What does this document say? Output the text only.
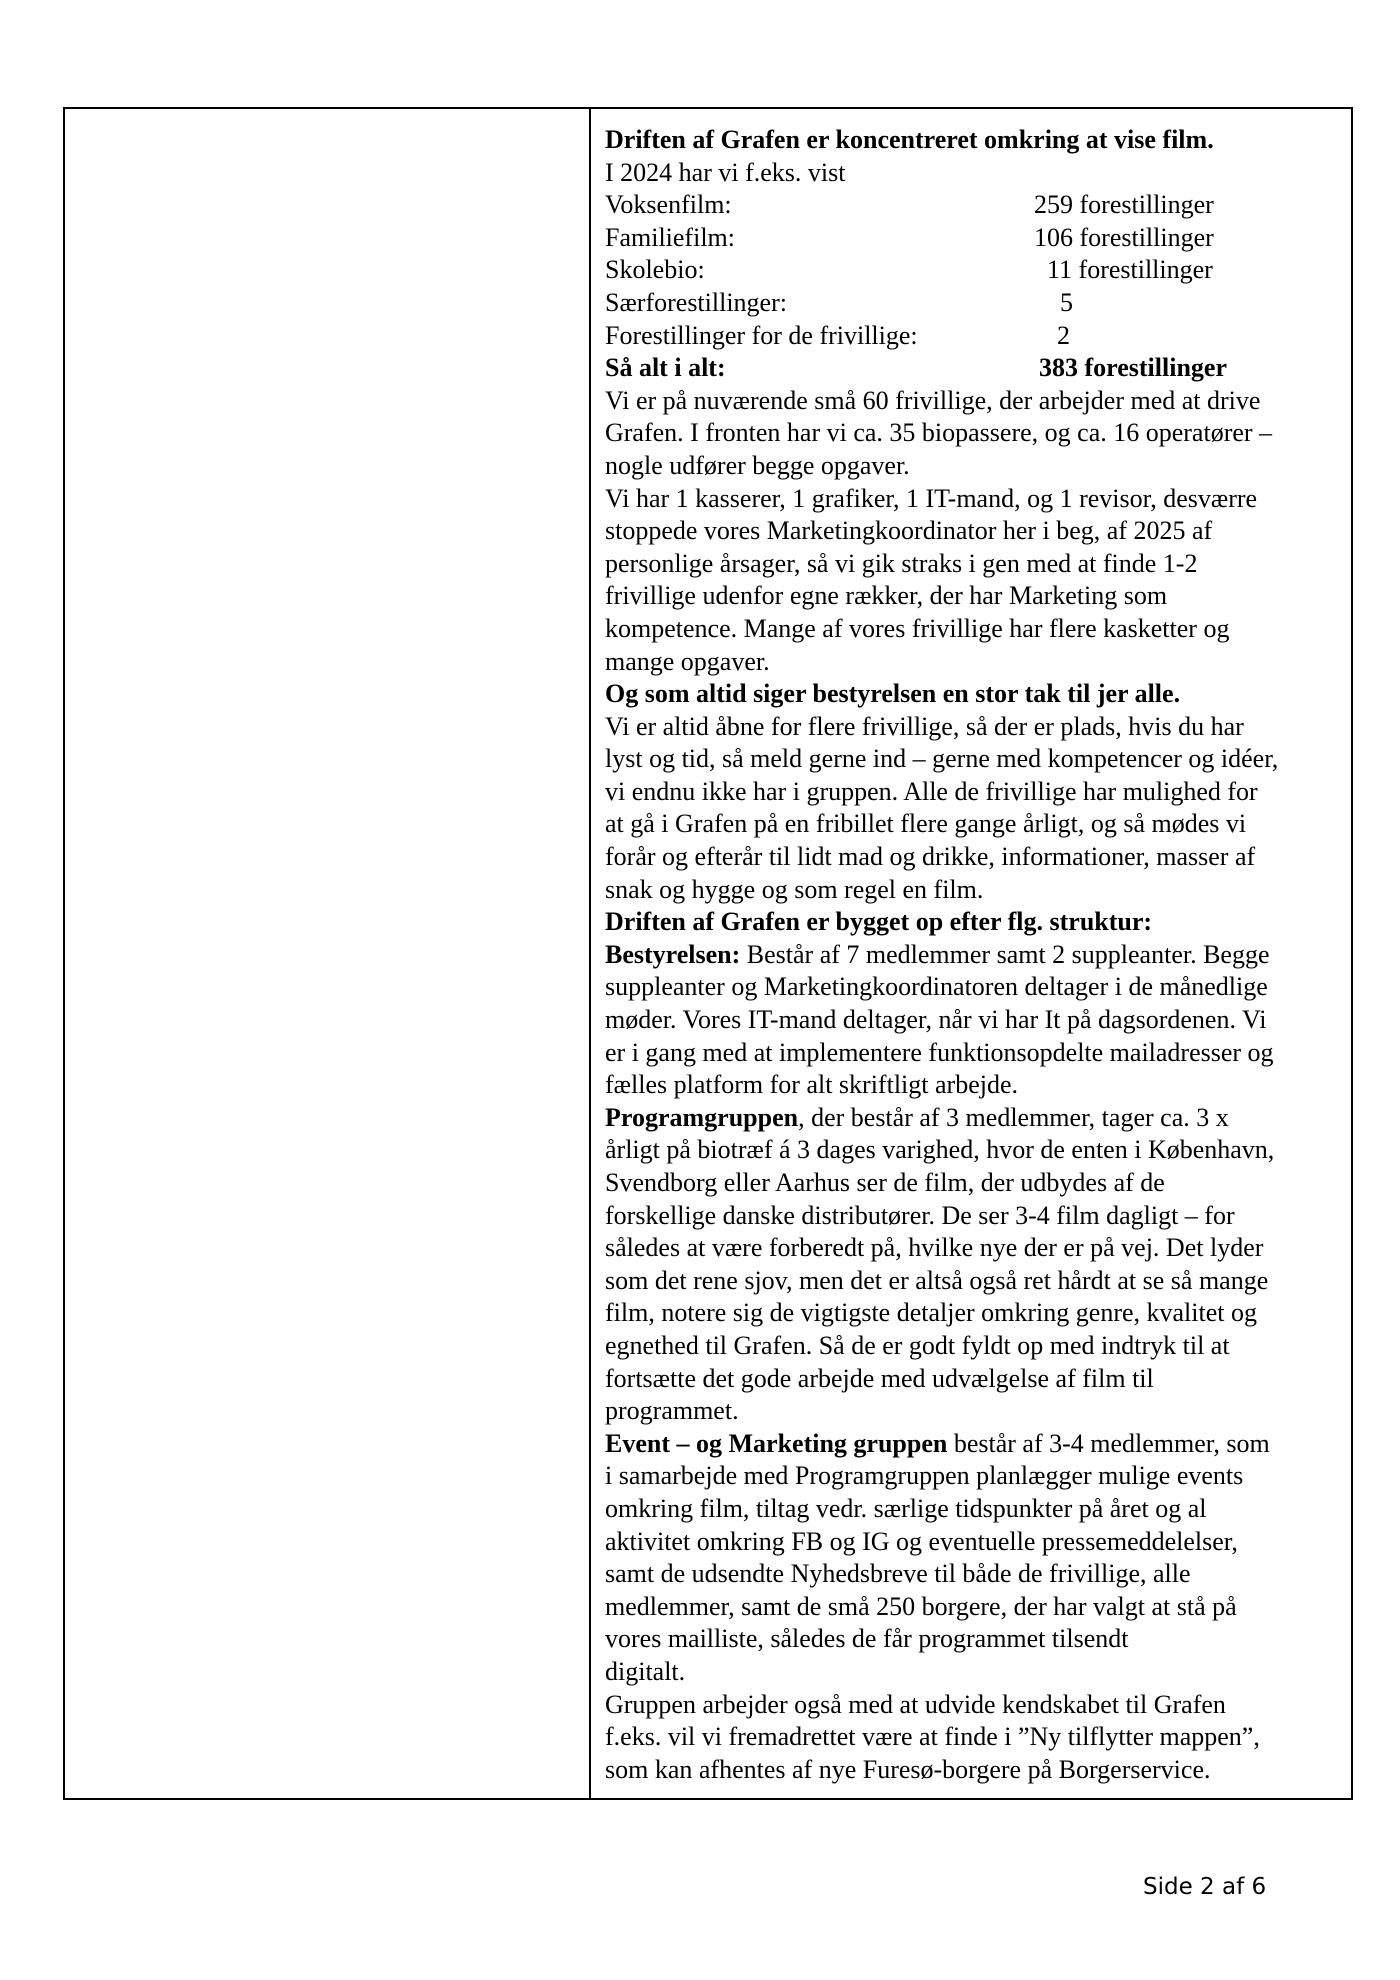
Driften af Grafen er koncentreret omkring at vise film.
I 2024 har vi f.eks. vist
Voksenfilm:	259 forestillinger
Familiefilm:	106 forestillinger
Skolebio:	11 forestillinger
Særforestillinger:	5
Forestillinger for de frivillige:	2
Så alt i alt:	383 forestillinger
Vi er på nuværende små 60 frivillige, der arbejder med at drive
Grafen. I fronten har vi ca. 35 biopassere, og ca. 16 operatører –
nogle udfører begge opgaver.
Vi har 1 kasserer, 1 grafiker, 1 IT-mand, og 1 revisor, desværre
stoppede vores Marketingkoordinator her i beg, af 2025 af
personlige årsager, så vi gik straks i gen med at finde 1-2
frivillige udenfor egne rækker, der har Marketing som
kompetence. Mange af vores frivillige har flere kasketter og
mange opgaver.
Og som altid siger bestyrelsen en stor tak til jer alle.
Vi er altid åbne for flere frivillige, så der er plads, hvis du har
lyst og tid, så meld gerne ind – gerne med kompetencer og idéer,
vi endnu ikke har i gruppen. Alle de frivillige har mulighed for
at gå i Grafen på en fribillet flere gange årligt, og så mødes vi
forår og efterår til lidt mad og drikke, informationer, masser af
snak og hygge og som regel en film.
Driften af Grafen er bygget op efter flg. struktur:
Bestyrelsen: Består af 7 medlemmer samt 2 suppleanter. Begge
suppleanter og Marketingkoordinatoren deltager i de månedlige
møder. Vores IT-mand deltager, når vi har It på dagsordenen. Vi
er i gang med at implementere funktionsopdelte mailadresser og
fælles platform for alt skriftligt arbejde.
Programgruppen, der består af 3 medlemmer, tager ca. 3 x
årligt på biotræf á 3 dages varighed, hvor de enten i København,
Svendborg eller Aarhus ser de film, der udbydes af de
forskellige danske distributører. De ser 3-4 film dagligt – for
således at være forberedt på, hvilke nye der er på vej. Det lyder
som det rene sjov, men det er altså også ret hårdt at se så mange
film, notere sig de vigtigste detaljer omkring genre, kvalitet og
egnethed til Grafen. Så de er godt fyldt op med indtryk til at
fortsætte det gode arbejde med udvælgelse af film til
programmet.
Event – og Marketing gruppen består af 3-4 medlemmer, som
i samarbejde med Programgruppen planlægger mulige events
omkring film, tiltag vedr. særlige tidspunkter på året og al
aktivitet omkring FB og IG og eventuelle pressemeddelelser,
samt de udsendte Nyhedsbreve til både de frivillige, alle
medlemmer, samt de små 250 borgere, der har valgt at stå på
vores mailliste, således de får programmet tilsendt
digitalt.
Gruppen arbejder også med at udvide kendskabet til Grafen
f.eks. vil vi fremadrettet være at finde i ”Ny tilflytter mappen”,
som kan afhentes af nye Furesø-borgere på Borgerservice.
Side 2 af 6
